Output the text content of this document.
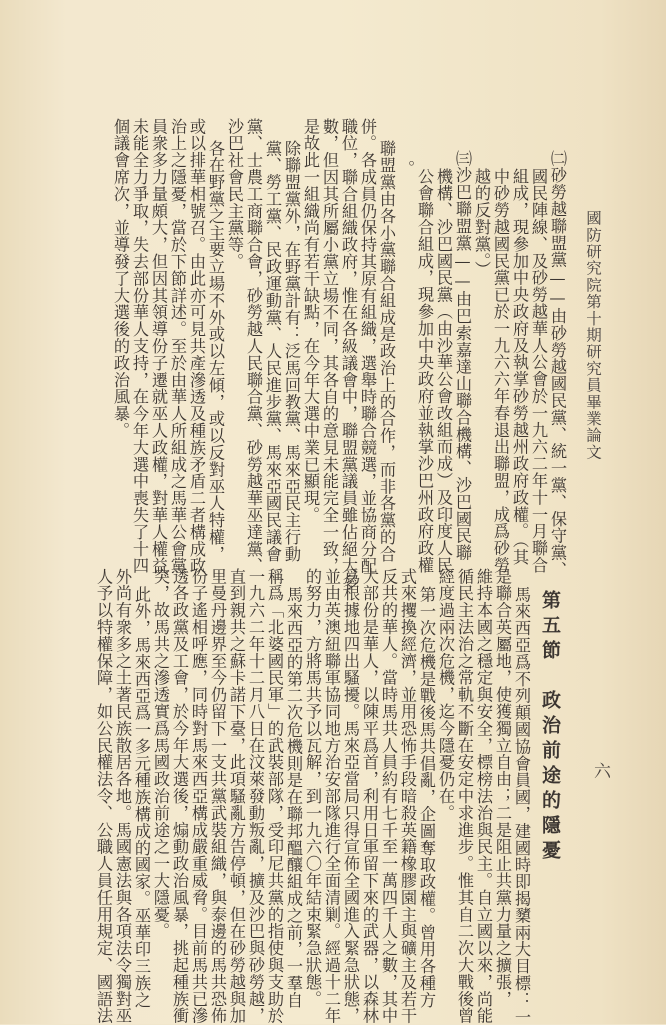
國防研究院第十期研究員畢業論文
㈡砂勞越聯盟黨——由砂勞越國民黨、統一黨、保守黨、
國民陣線、及砂勞越華人公會於一九六二年十一月聯合
組成，現參加中央政府及執掌砂勞越州政府政權。（其
中砂勞越國民黨已於一九六六年春退出聯盟，成爲砂勞
越的反對黨。）
㈢沙巴聯盟黨——由巴索嘉達山聯合機構、沙巴國民聯
機構、沙巴國民黨（由沙華公會改組而成）及印度人民
公會聯合組成，現參加中央政府並執掌沙巴州政府政權
。
聯盟黨由各小黨聯合組成是政治上的合作，而非各黨的合
併。各成員仍保持其原有組織，選舉時聯合競選，並協商分配
職位，聯合組織政府，惟在各級議會中，聯盟黨議員雖佔絕大多
數，但因其所屬小黨立場不同，其各自的意見未能完全一致，
是故此一組織尚有若干缺點，在今年大選中業已顯現。
除聯盟黨外，在野黨計有：泛馬回教黨、馬來亞民主行動
黨、勞工黨、民政運動黨、人民進步黨、馬來亞國民議會
黨、士農工商聯合會，砂勞越人民聯合黨、砂勞越華巫達黨、
沙巴社會民主黨等。
各在野黨之主要立場不外或以左傾，或以反對巫人特權，
或以排華相號召。由此亦可見共產滲透及種族矛盾二者構成政
治上之隱憂，當於下節詳述。至於由華人所組成之馬華公會黨
員衆多力量頗大，但因其領導份子遷就巫人政權，對華人權益
未能全力爭取，失去部份華人支持，在今年大選中喪失了十四
個議會席次，並導發了大選後的政治風暴。
第五節　政治前途的隱憂 六
馬來西亞爲不列顛國協會員國，建國時即揭櫫兩大目標：一
是聯合英屬地，使獲獨立自由；二是阻止共黨力量之擴張，
維持本國之穩定與安全，標榜法治與民主。自立國以來，尚能
循民主法治之常軌不斷在安定中求進步。惟其自二次大戰後曾
經度過兩次危機，迄今隱憂仍在。
第一次危機是戰後馬共倡亂，企圖奪取政權。曾用各種方
式來攫換經濟，並用恐怖手段暗殺英籍橡膠園主與礦主及若干
反共的華人。當時馬共人員約有七千至一萬四千人之數，其中
大部份是華人，以陳平爲首，利用日軍留下來的武器，以森林
爲根據地四出騷擾。馬來亞當局只得宣佈全國進入緊急狀態，
並由英澳紐聯軍協同地方治安部隊進行全面清剿。經過十二年
的努力，方將馬共予以瓦解，到一九六〇年結束緊急狀態。
馬來西亞的第二次危機則是在聯邦醞釀組成之前，一羣自
稱爲「北婆國民軍」的武裝部隊，受印尼共黨的指使與支助於
一九六二年十二月八日在汶萊發動叛亂，擴及沙巴與砂勞越，
直到親共之蘇卡諾下臺，此項騷亂方告停頓，但在砂勞越與加
里曼丹邊界至今仍留下一支共黨武裝組織，與泰邊的馬共恐佈
份子遙相呼應，同時對馬來西亞構成嚴重威脅。目前馬共已滲
透各政黨及工會，於今年大選後，煽動政治風暴，挑起種族衝
突，故馬共之滲透實爲馬國政治前途之一大隱憂。
此外，馬來西亞爲一多元種族構成的國家。巫華印三族之
外尚有衆多之土著民族散居各地。馬國憲法與各項法令獨對巫
人予以特權保障，如公民權法令、公職人員任用規定、國語法
